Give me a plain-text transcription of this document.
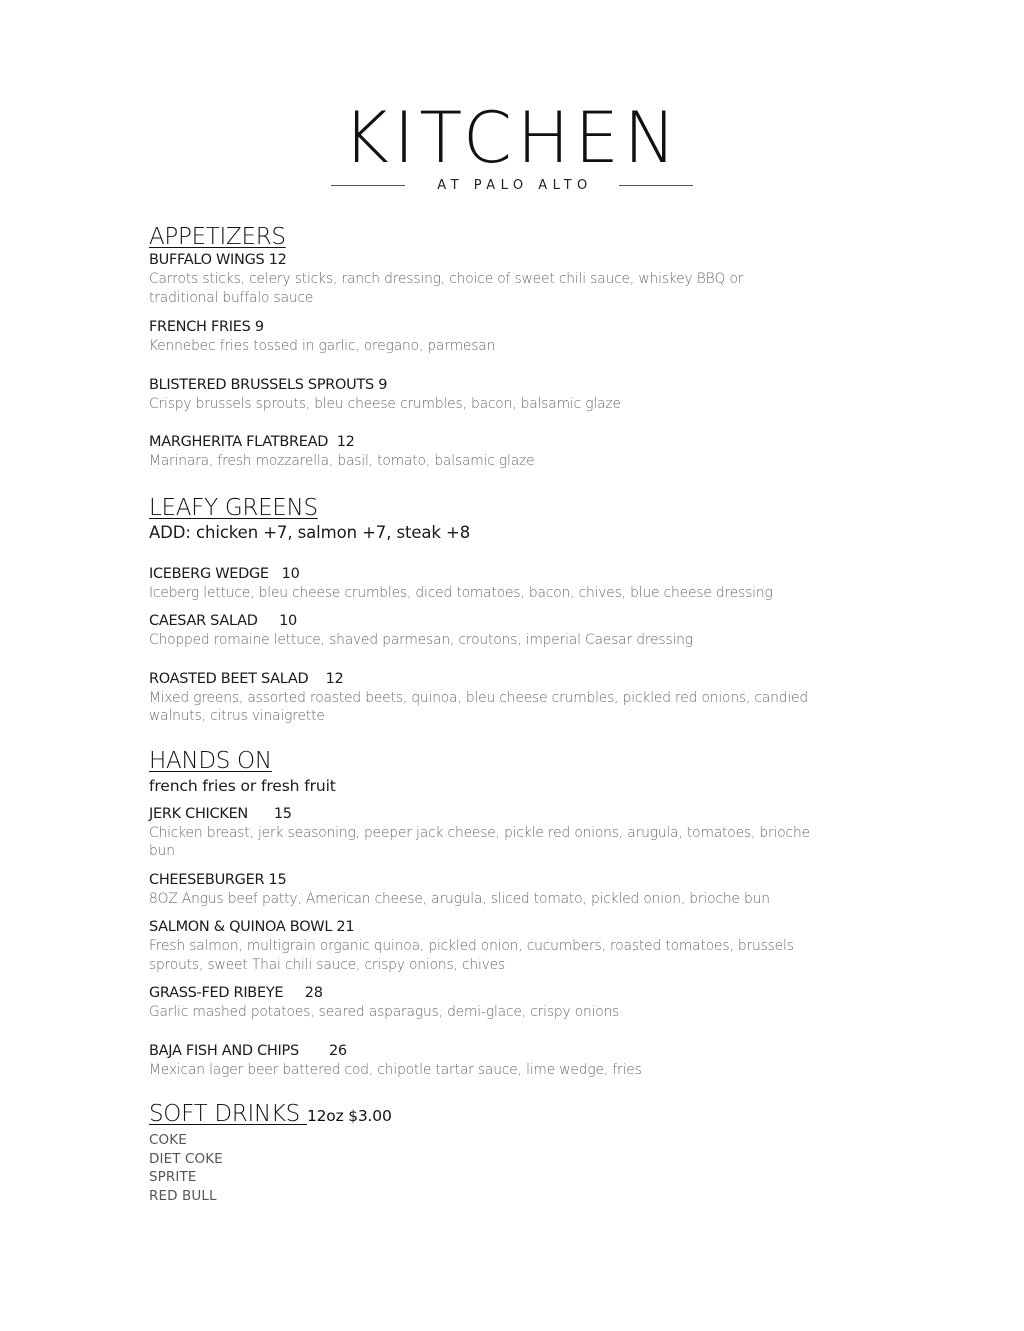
KITCHEN
AT PALO ALTO
APPETIZERS
BUFFALO WINGS 12
Carrots sticks, celery sticks, ranch dressing, choice of sweet chili sauce, whiskey BBQ or traditional buffalo sauce
FRENCH FRIES 9
Kennebec fries tossed in garlic, oregano, parmesan
BLISTERED BRUSSELS SPROUTS 9
Crispy brussels sprouts, bleu cheese crumbles, bacon, balsamic glaze
MARGHERITA FLATBREAD  12
Marinara, fresh mozzarella, basil, tomato, balsamic glaze
LEAFY GREENS
ADD: chicken +7, salmon +7, steak +8
ICEBERG WEDGE   10
Iceberg lettuce, bleu cheese crumbles, diced tomatoes, bacon, chives, blue cheese dressing
CAESAR SALAD     10
Chopped romaine lettuce, shaved parmesan, croutons, imperial Caesar dressing
ROASTED BEET SALAD    12
Mixed greens, assorted roasted beets, quinoa, bleu cheese crumbles, pickled red onions, candied walnuts, citrus vinaigrette
HANDS ON
french fries or fresh fruit
JERK CHICKEN      15
Chicken breast, jerk seasoning, peeper jack cheese, pickle red onions, arugula, tomatoes, brioche bun
CHEESEBURGER 15
8OZ Angus beef patty, American cheese, arugula, sliced tomato, pickled onion, brioche bun
SALMON & QUINOA BOWL 21
Fresh salmon, multigrain organic quinoa, pickled onion, cucumbers, roasted tomatoes, brussels sprouts, sweet Thai chili sauce, crispy onions, chives
GRASS-FED RIBEYE     28
Garlic mashed potatoes, seared asparagus, demi-glace, crispy onions
BAJA FISH AND CHIPS       26
Mexican lager beer battered cod, chipotle tartar sauce, lime wedge, fries
SOFT DRINKS 12oz $3.00
COKE
DIET COKE
SPRITE
RED BULL
